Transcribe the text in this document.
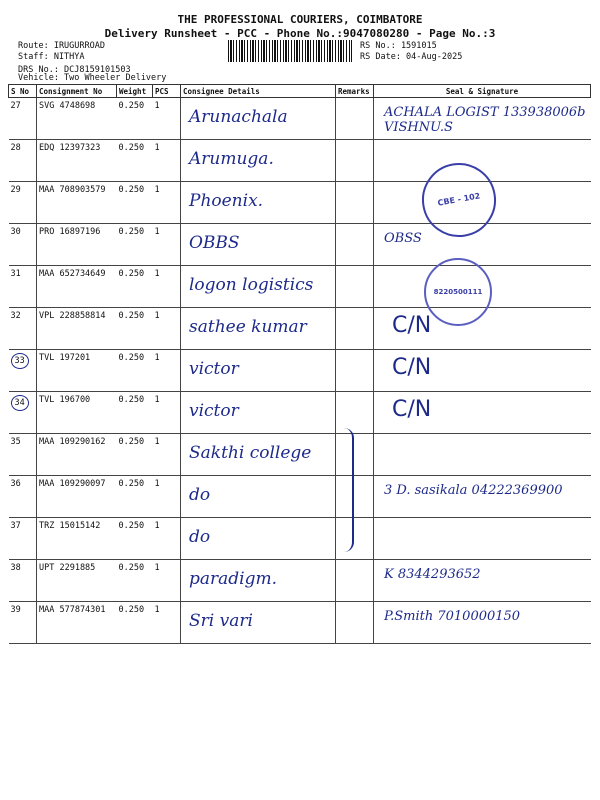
THE PROFESSIONAL COURIERS, COIMBATORE
Delivery Runsheet - PCC - Phone No.:9047080280 - Page No.:3
Route: IRUGURROAD
Staff: NITHYA
DRS No.: DCJ8159101503
RS No.: 1591015
RS Date: 04-Aug-2025
Vehicle: Two Wheeler Delivery
S No	Consignment No	Weight	PCS	Consignee Details	Remarks	Seal & Signature
27	SVG 4748698	0.250	1	Arunachala		ACHALA LOGIST 133938006b VISHNU.S

28	EDQ 12397323	0.250	1	Arumuga.		

29	MAA 708903579	0.250	1	Phoenix.		

30	PRO 16897196	0.250	1	OBBS		OBSS

31	MAA 652734649	0.250	1	logon logistics		

32	VPL 228858814	0.250	1	sathee kumar		C/N

33	TVL 197201	0.250	1	victor		C/N

34	TVL 196700	0.250	1	victor		C/N

35	MAA 109290162	0.250	1	Sakthi college		

36	MAA 109290097	0.250	1	do		3 D. sasikala 04222369900

37	TRZ 15015142	0.250	1	do		

38	UPT 2291885	0.250	1	paradigm.		K 8344293652

39	MAA 577874301	0.250	1	Sri vari		P.Smith 7010000150
CBE - 102
8220500111
